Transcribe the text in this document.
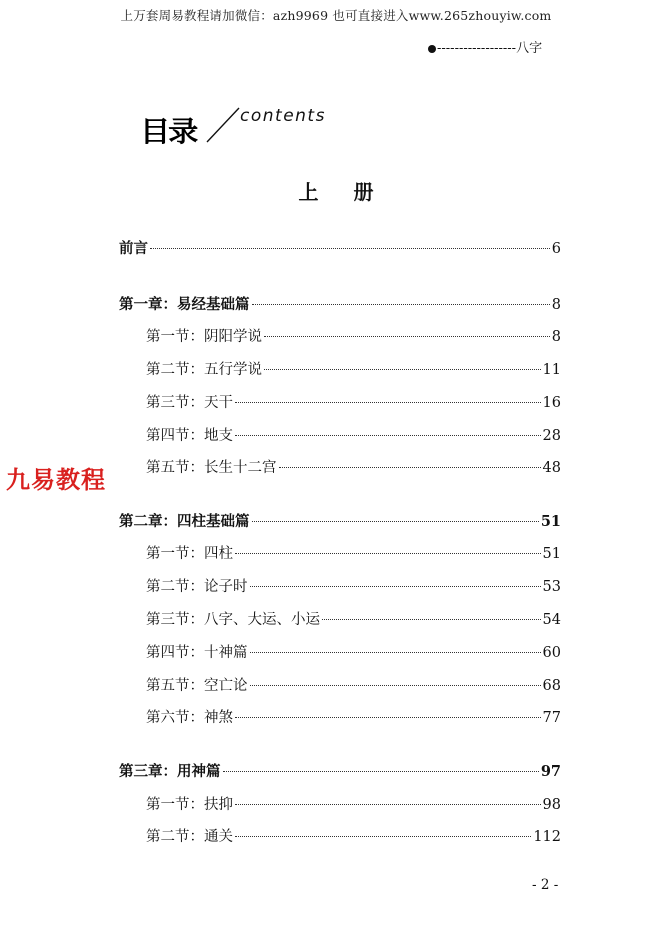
上万套周易教程请加微信：azh9969 也可直接进入www.265zhouyiw.com
------------------八字
目录	contents
上 册
前言	6
第一章：易经基础篇	8
第一节：阴阳学说	8
第二节：五行学说	11
第三节：天干	16
第四节：地支	28
第五节：长生十二宫	48
九易教程
第二章：四柱基础篇	51
第一节：四柱	51
第二节：论子时	53
第三节：八字、大运、小运	54
第四节：十神篇	60
第五节：空亡论	68
第六节：神煞	77
第三章：用神篇	97
第一节：扶抑	98
第二节：通关	112
- 2 -
